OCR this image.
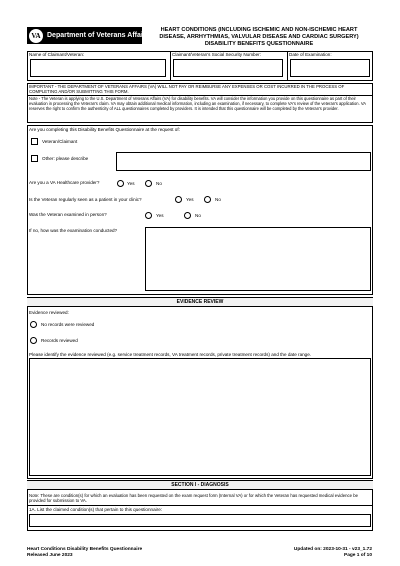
VA Department of Veterans Affairs
HEART CONDITIONS (INCLUDING ISCHEMIC AND NON-ISCHEMIC HEART DISEASE, ARRHYTHMIAS, VALVULAR DISEASE AND CARDIAC SURGERY) DISABILITY BENEFITS QUESTIONNAIRE
Name of Claimant/Veteran:	Claimant/Veteran's Social Security Number:	Date of Examination:
IMPORTANT - THE DEPARTMENT OF VETERANS AFFAIRS (VA) WILL NOT PAY OR REIMBURSE ANY EXPENSES OR COST INCURRED IN THE PROCESS OF COMPLETING AND/OR SUBMITTING THIS FORM.
Note - The Veteran is applying to the U.S. Department of Veterans Affairs (VA) for disability benefits. VA will consider the information you provide on this questionnaire as part of their evaluation in processing the Veteran's claim. VA may obtain additional medical information, including an examination, if necessary, to complete VA's review of the veteran's application. VA reserves the right to confirm the authenticity of ALL questionnaires completed by providers. It is intended that this questionnaire will be completed by the Veteran's provider.
Are you completing this Disability Benefits Questionnaire at the request of:
Veteran/Claimant
Other: please describe
Are you a VA Healthcare provider?	Yes	No
Is the Veteran regularly seen as a patient in your clinic?	Yes	No
Was the Veteran examined in person?	Yes	No
If no, how was the examination conducted?
EVIDENCE REVIEW
Evidence reviewed:
No records were reviewed
Records reviewed
Please identify the evidence reviewed (e.g. service treatment records, VA treatment records, private treatment records) and the date range.
SECTION I - DIAGNOSIS
Note: These are condition(s) for which an evaluation has been requested on the exam request form (Internal VA) or for which the Veteran has requested medical evidence be provided for submission to VA.
1A. List the claimed condition(s) that pertain to this questionnaire:
Heart Conditions Disability Benefits Questionnaire
Released June 2023
Updated on: 2023-10-31 - v23_1.72
Page 1 of 10
